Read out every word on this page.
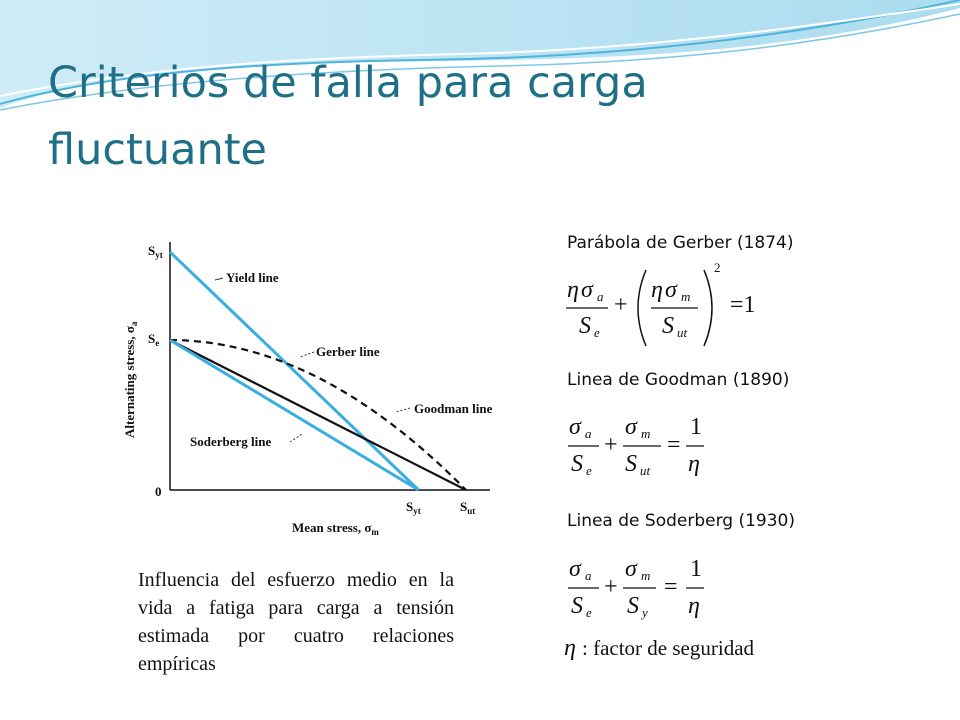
Criterios de falla para carga fluctuante
Yield line
Gerber line
Goodman line
Soderberg line
$S_{yt}$
$S_e$
0
$S_{yt}$	$S_{ut}$
Mean stress, $\sigma_m$
Alternating stress, $\sigma_a$
Influencia del esfuerzo medio en la vida a fatiga para carga a tensión estimada por cuatro relaciones empíricas
Parábola de Gerber (1874)
η σ a
S e
+
η σ m
S ut
2
=1
Linea de Goodman (1890)
σ a
S e
+
σ m
S ut
=
1
η
Linea de Soderberg (1930)
σ a
S e
+
σ m
S y
=
1
η
η : factor de seguridad
